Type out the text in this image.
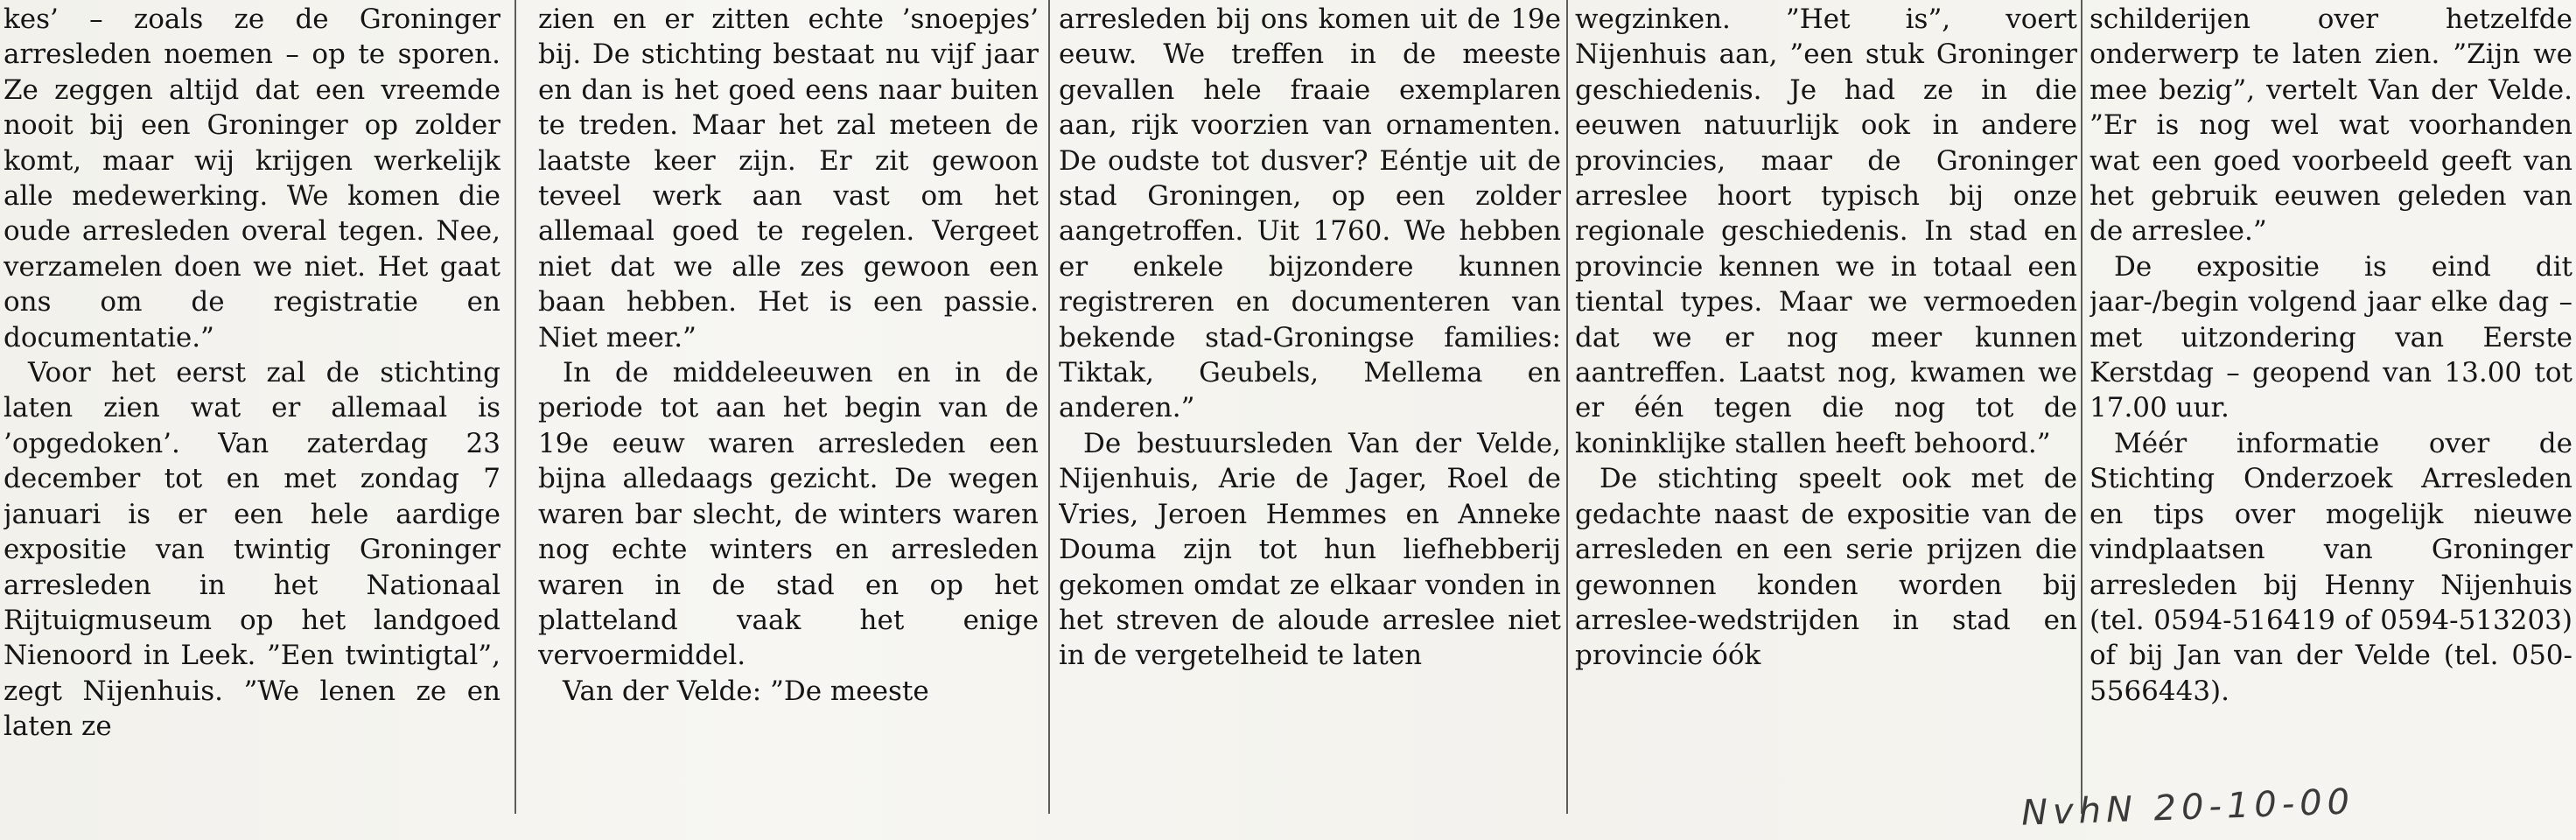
kes’ – zoals ze de Groninger arresleden noemen – op te sporen. Ze zeggen altijd dat een vreemde nooit bij een Groninger op zolder komt, maar wij krijgen werkelijk alle medewerking. We komen die oude arresleden overal tegen. Nee, verzamelen doen we niet. Het gaat ons om de registratie en documentatie.”

Voor het eerst zal de stichting laten zien wat er allemaal is ’opgedoken’. Van zaterdag 23 december tot en met zondag 7 januari is er een hele aardige expositie van twintig Groninger arresleden in het Nationaal Rijtuigmuseum op het landgoed Nienoord in Leek. ”Een twintigtal”, zegt Nijenhuis. ”We lenen ze en laten ze

zien en er zitten echte ’snoepjes’ bij. De stichting bestaat nu vijf jaar en dan is het goed eens naar buiten te treden. Maar het zal meteen de laatste keer zijn. Er zit gewoon teveel werk aan vast om het allemaal goed te regelen. Vergeet niet dat we alle zes gewoon een baan hebben. Het is een passie. Niet meer.”

In de middeleeuwen en in de periode tot aan het begin van de 19e eeuw waren arresleden een bijna alledaags gezicht. De wegen waren bar slecht, de winters waren nog echte winters en arresleden waren in de stad en op het platteland vaak het enige vervoermiddel.

Van der Velde: ”De meeste

arresleden bij ons komen uit de 19e eeuw. We treffen in de meeste gevallen hele fraaie exemplaren aan, rijk voorzien van ornamenten. De oudste tot dusver? Eéntje uit de stad Groningen, op een zolder aangetroffen. Uit 1760. We hebben er enkele bijzondere kunnen registreren en documenteren van bekende stad-Groningse families: Tiktak, Geubels, Mellema en anderen.”

De bestuursleden Van der Velde, Nijenhuis, Arie de Jager, Roel de Vries, Jeroen Hemmes en Anneke Douma zijn tot hun liefhebberij gekomen omdat ze elkaar vonden in het streven de aloude arreslee niet in de vergetelheid te laten

wegzinken. ”Het is”, voert Nijenhuis aan, ”een stuk Groninger geschiedenis. Je had ze in die eeuwen natuurlijk ook in andere provincies, maar de Groninger arreslee hoort typisch bij onze regionale geschiedenis. In stad en provincie kennen we in totaal een tiental types. Maar we vermoeden dat we er nog meer kunnen aantreffen. Laatst nog, kwamen we er één tegen die nog tot de koninklijke stallen heeft behoord.”

De stichting speelt ook met de gedachte naast de expositie van de arresleden en een serie prijzen die gewonnen konden worden bij arreslee-wedstrijden in stad en provincie óók

schilderijen over hetzelfde onderwerp te laten zien. ”Zijn we mee bezig”, vertelt Van der Velde. ”Er is nog wel wat voorhanden wat een goed voorbeeld geeft van het gebruik eeuwen geleden van de arreslee.”

De expositie is eind dit jaar-/begin volgend jaar elke dag – met uitzondering van Eerste Kerstdag – geopend van 13.00 tot 17.00 uur.

Méér informatie over de Stichting Onderzoek Arresleden en tips over mogelijk nieuwe vindplaatsen van Groninger arresleden bij Henny Nijenhuis (tel. 0594-516419 of 0594-513203) of bij Jan van der Velde (tel. 050-5566443).

NvhN 20-10-00
